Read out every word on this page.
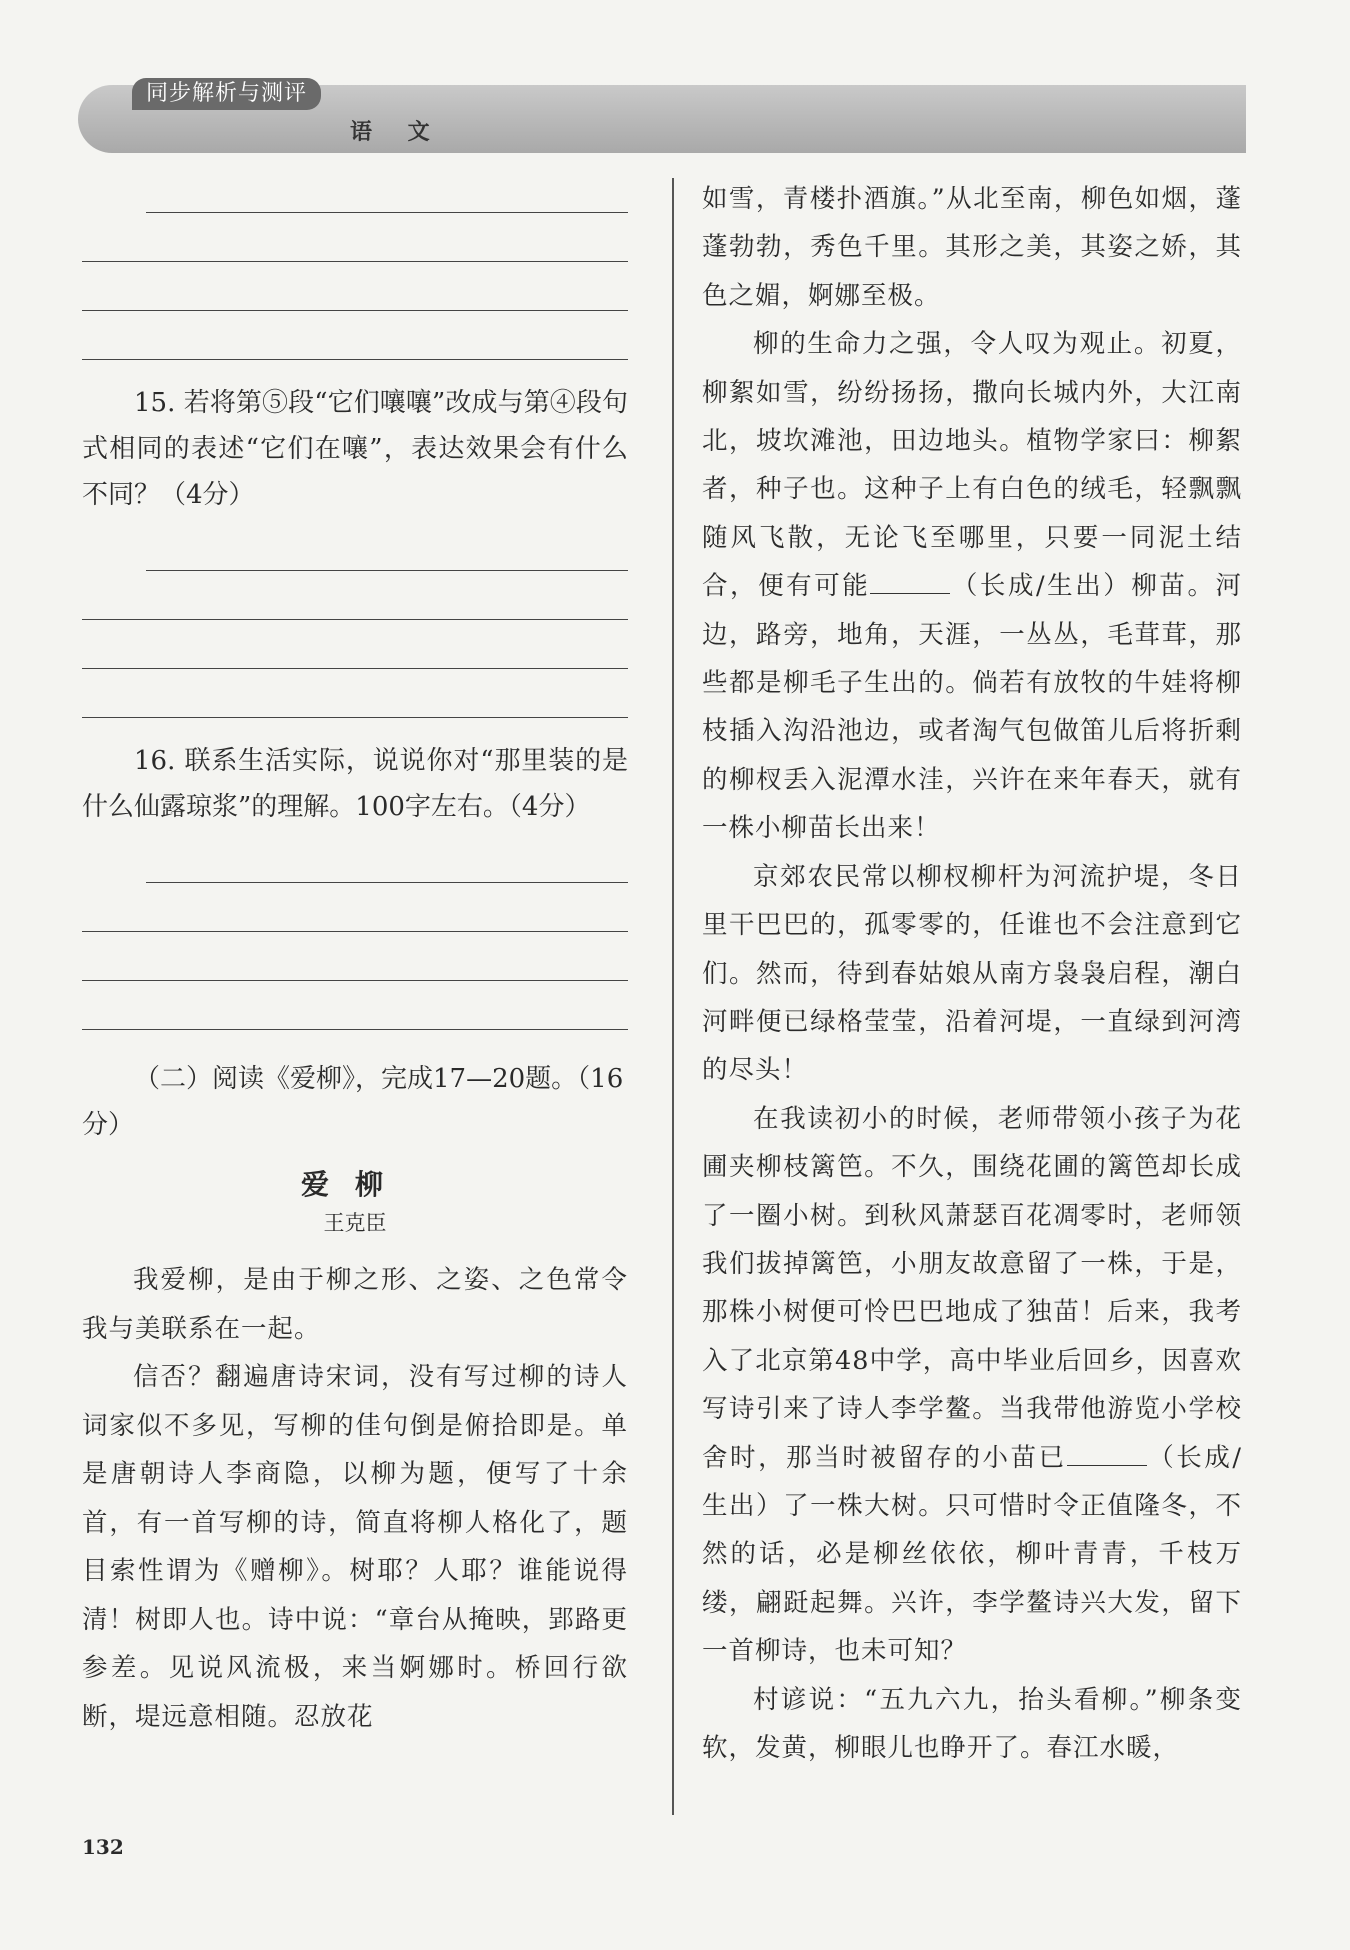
同步解析与测评
语 文

15. 若将第⑤段“它们嚷嚷”改成与第④段句式相同的表述“它们在嚷”，表达效果会有什么不同？（4分）

16. 联系生活实际，说说你对“那里装的是什么仙露琼浆”的理解。100字左右。（4分）

（二）阅读《爱柳》，完成17—20题。（16分）

爱柳
王克臣

我爱柳，是由于柳之形、之姿、之色常令我与美联系在一起。

信否？翻遍唐诗宋词，没有写过柳的诗人词家似不多见，写柳的佳句倒是俯拾即是。单是唐朝诗人李商隐，以柳为题，便写了十余首，有一首写柳的诗，简直将柳人格化了，题目索性谓为《赠柳》。树耶？人耶？谁能说得清！树即人也。诗中说：“章台从掩映，郢路更参差。见说风流极，来当婀娜时。桥回行欲断，堤远意相随。忍放花

如雪，青楼扑酒旗。”从北至南，柳色如烟，蓬蓬勃勃，秀色千里。其形之美，其姿之娇，其色之媚，婀娜至极。

柳的生命力之强，令人叹为观止。初夏，柳絮如雪，纷纷扬扬，撒向长城内外，大江南北，坡坎滩池，田边地头。植物学家曰：柳絮者，种子也。这种子上有白色的绒毛，轻飘飘随风飞散，无论飞至哪里，只要一同泥土结合，便有可能	（长成/生出）柳苗。河边，路旁，地角，天涯，一丛丛，毛茸茸，那些都是柳毛子生出的。倘若有放牧的牛娃将柳枝插入沟沿池边，或者淘气包做笛儿后将折剩的柳杈丢入泥潭水洼，兴许在来年春天，就有一株小柳苗长出来！

京郊农民常以柳杈柳杆为河流护堤，冬日里干巴巴的，孤零零的，任谁也不会注意到它们。然而，待到春姑娘从南方袅袅启程，潮白河畔便已绿格莹莹，沿着河堤，一直绿到河湾的尽头！

在我读初小的时候，老师带领小孩子为花圃夹柳枝篱笆。不久，围绕花圃的篱笆却长成了一圈小树。到秋风萧瑟百花凋零时，老师领我们拔掉篱笆，小朋友故意留了一株，于是，那株小树便可怜巴巴地成了独苗！后来，我考入了北京第48中学，高中毕业后回乡，因喜欢写诗引来了诗人李学鳌。当我带他游览小学校舍时，那当时被留存的小苗已	（长成/生出）了一株大树。只可惜时令正值隆冬，不然的话，必是柳丝依依，柳叶青青，千枝万缕，翩跹起舞。兴许，李学鳌诗兴大发，留下一首柳诗，也未可知？

村谚说：“五九六九，抬头看柳。”柳条变软，发黄，柳眼儿也睁开了。春江水暖，

132
